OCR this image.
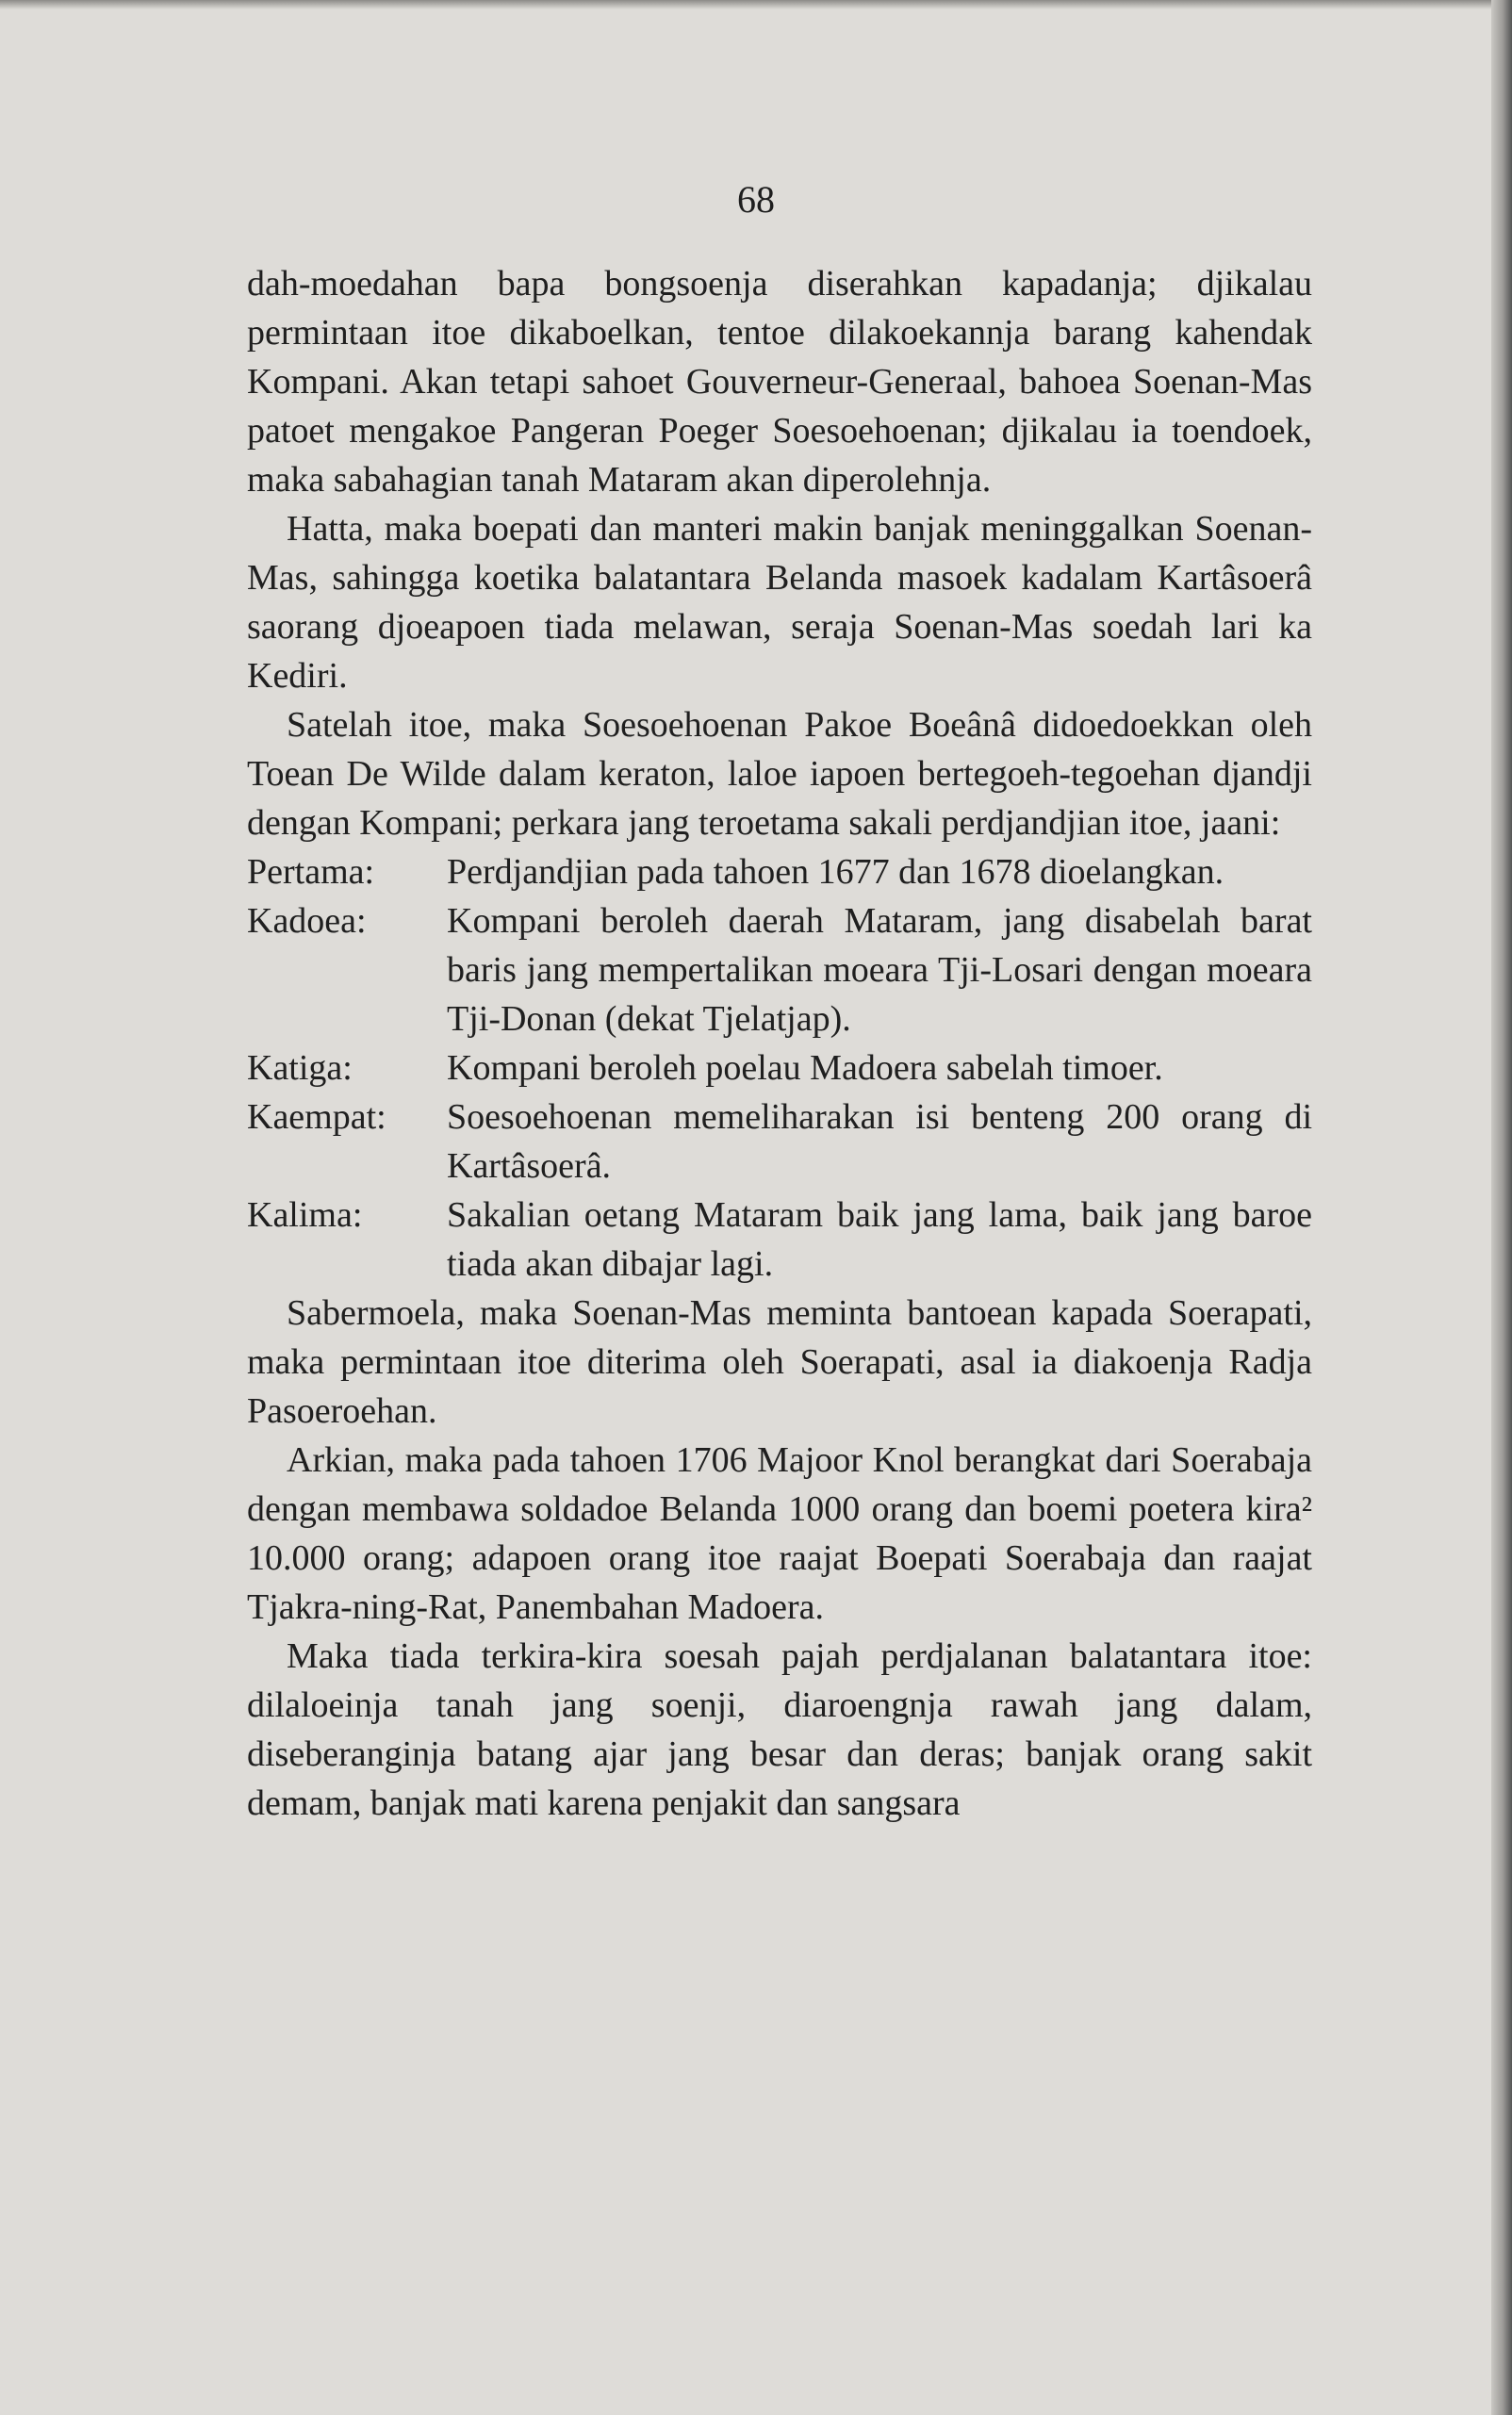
68

dah-moedahan bapa bongsoenja diserahkan kapadanja; djikalau permintaan itoe dikaboelkan, tentoe dilakoekannja barang kahendak Kompani. Akan tetapi sahoet Gouverneur-Generaal, bahoea Soenan-Mas patoet mengakoe Pangeran Poeger Soesoehoenan; djikalau ia toendoek, maka sabahagian tanah Mataram akan diperolehnja.

Hatta, maka boepati dan manteri makin banjak meninggalkan Soenan-Mas, sahingga koetika balatantara Belanda masoek kadalam Kartâsoerâ saorang djoeapoen tiada melawan, seraja Soenan-Mas soedah lari ka Kediri.

Satelah itoe, maka Soesoehoenan Pakoe Boeânâ didoedoekkan oleh Toean De Wilde dalam keraton, laloe iapoen bertegoeh-tegoehan djandji dengan Kompani; perkara jang teroetama sakali perdjandjian itoe, jaani:

Pertama:	Perdjandjian pada tahoen 1677 dan 1678 dioelangkan.
Kadoea:	Kompani beroleh daerah Mataram, jang disabelah barat baris jang mempertalikan moeara Tji-Losari dengan moeara Tji-Donan (dekat Tjelatjap).
Katiga:	Kompani beroleh poelau Madoera sabelah timoer.
Kaempat:	Soesoehoenan memeliharakan isi benteng 200 orang di Kartâsoerâ.
Kalima:	Sakalian oetang Mataram baik jang lama, baik jang baroe tiada akan dibajar lagi.

Sabermoela, maka Soenan-Mas meminta bantoean kapada Soerapati, maka permintaan itoe diterima oleh Soerapati, asal ia diakoenja Radja Pasoeroehan.

Arkian, maka pada tahoen 1706 Majoor Knol berangkat dari Soerabaja dengan membawa soldadoe Belanda 1000 orang dan boemi poetera kira² 10.000 orang; adapoen orang itoe raajat Boepati Soerabaja dan raajat Tjakra-ning-Rat, Panembahan Madoera.

Maka tiada terkira-kira soesah pajah perdjalanan balatantara itoe: dilaloeinja tanah jang soenji, diaroengnja rawah jang dalam, diseberanginja batang ajar jang besar dan deras; banjak orang sakit demam, banjak mati karena penjakit dan sangsara
